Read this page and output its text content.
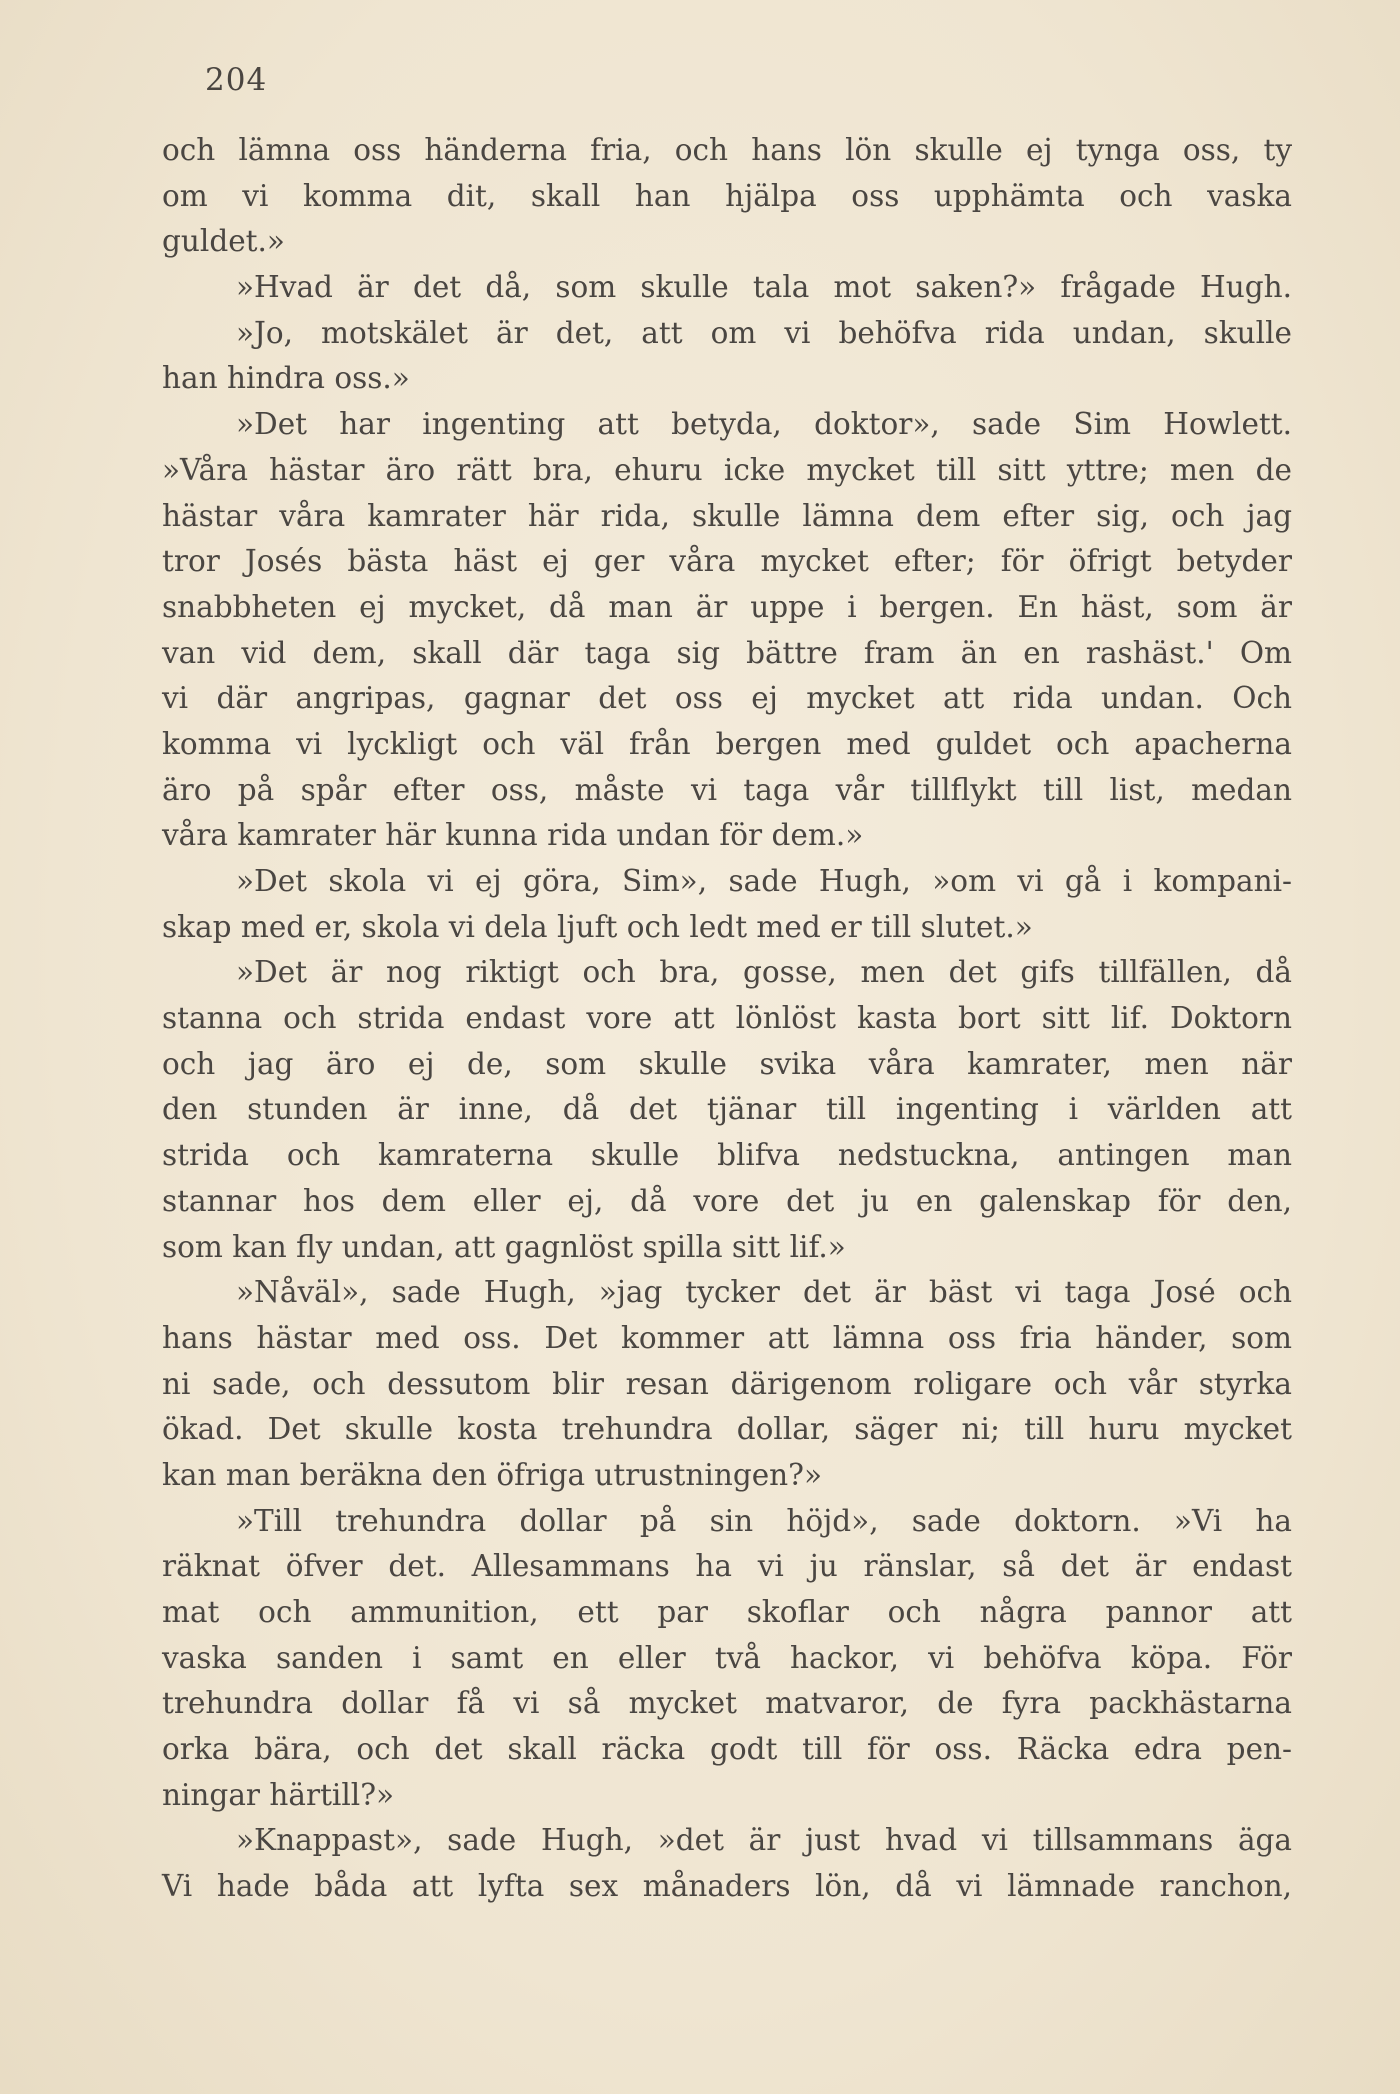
204
och lämna oss händerna fria, och hans lön skulle ej tynga oss, ty
om vi komma dit, skall han hjälpa oss upphämta och vaska
guldet.»
»Hvad är det då, som skulle tala mot saken?» frågade Hugh.
»Jo, motskälet är det, att om vi behöfva rida undan, skulle
han hindra oss.»
»Det har ingenting att betyda, doktor», sade Sim Howlett.
»Våra hästar äro rätt bra, ehuru icke mycket till sitt yttre; men de
hästar våra kamrater här rida, skulle lämna dem efter sig, och jag
tror Josés bästa häst ej ger våra mycket efter; för öfrigt betyder
snabbheten ej mycket, då man är uppe i bergen. En häst, som är
van vid dem, skall där taga sig bättre fram än en rashäst.' Om
vi där angripas, gagnar det oss ej mycket att rida undan. Och
komma vi lyckligt och väl från bergen med guldet och apacherna
äro på spår efter oss, måste vi taga vår tillflykt till list, medan
våra kamrater här kunna rida undan för dem.»
»Det skola vi ej göra, Sim», sade Hugh, »om vi gå i kompani-
skap med er, skola vi dela ljuft och ledt med er till slutet.»
»Det är nog riktigt och bra, gosse, men det gifs tillfällen, då
stanna och strida endast vore att lönlöst kasta bort sitt lif. Doktorn
och jag äro ej de, som skulle svika våra kamrater, men när
den stunden är inne, då det tjänar till ingenting i världen att
strida och kamraterna skulle blifva nedstuckna, antingen man
stannar hos dem eller ej, då vore det ju en galenskap för den,
som kan fly undan, att gagnlöst spilla sitt lif.»
»Nåväl», sade Hugh, »jag tycker det är bäst vi taga José och
hans hästar med oss. Det kommer att lämna oss fria händer, som
ni sade, och dessutom blir resan därigenom roligare och vår styrka
ökad. Det skulle kosta trehundra dollar, säger ni; till huru mycket
kan man beräkna den öfriga utrustningen?»
»Till trehundra dollar på sin höjd», sade doktorn. »Vi ha
räknat öfver det. Allesammans ha vi ju ränslar, så det är endast
mat och ammunition, ett par skoflar och några pannor att
vaska sanden i samt en eller två hackor, vi behöfva köpa. För
trehundra dollar få vi så mycket matvaror, de fyra packhästarna
orka bära, och det skall räcka godt till för oss. Räcka edra pen-
ningar härtill?»
»Knappast», sade Hugh, »det är just hvad vi tillsammans äga
Vi hade båda att lyfta sex månaders lön, då vi lämnade ranchon,
